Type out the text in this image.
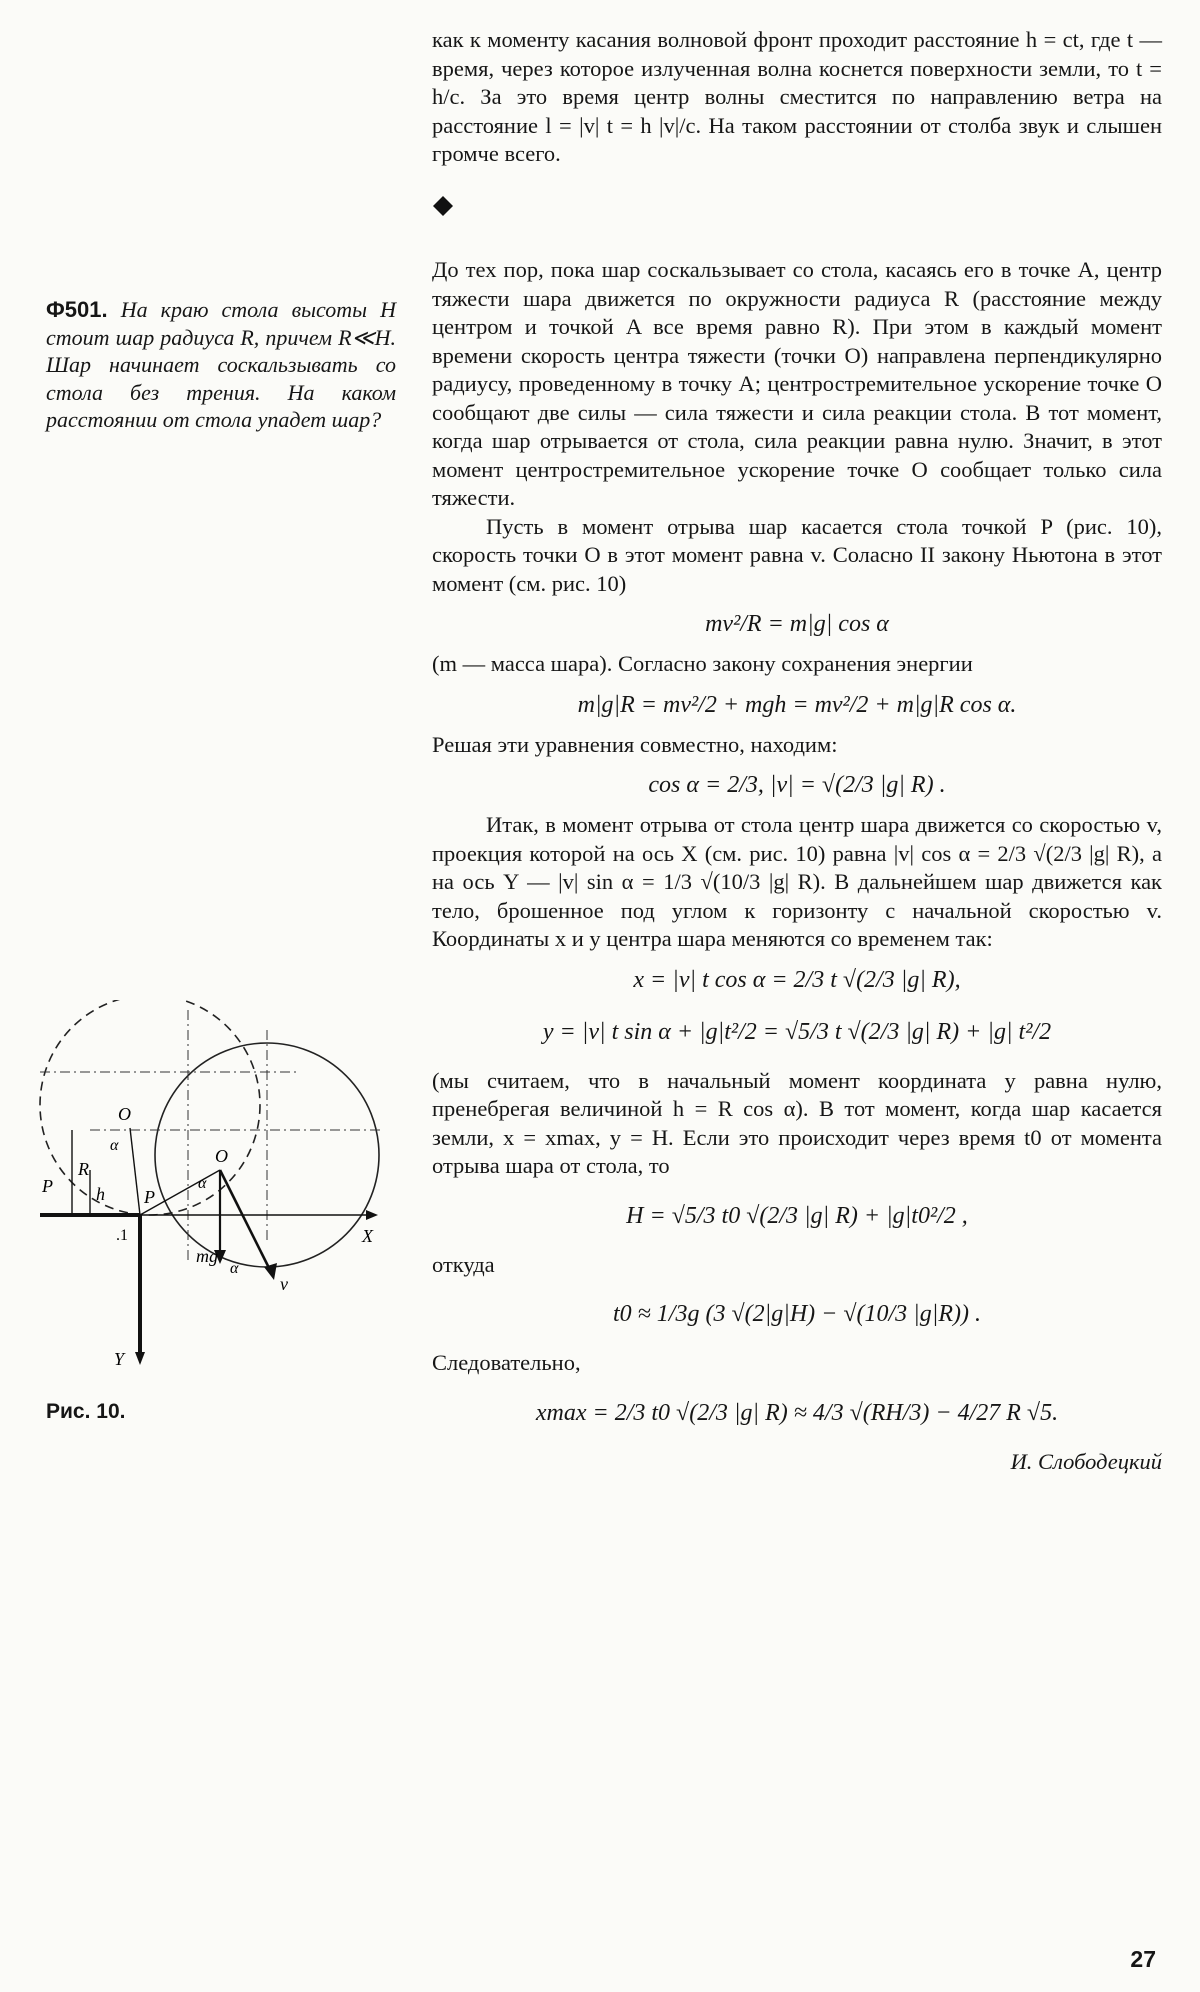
как к моменту касания волновой фронт проходит расстояние h = ct, где t — время, через которое излученная волна коснется поверхности земли, то t = h/c. За это время центр волны сместится по направлению ветра на расстояние l = |v| t = h |v|/c. На таком расстоянии от столба звук и слышен громче всего.

До тех пор, пока шар соскальзывает со стола, касаясь его в точке A, центр тяжести шара движется по окружности радиуса R (расстояние между центром и точкой A все время равно R). При этом в каждый момент времени скорость центра тяжести (точки O) направлена перпендикулярно радиусу, проведенному в точку A; центростремительное ускорение точке O сообщают две силы — сила тяжести и сила реакции стола. В тот момент, когда шар отрывается от стола, сила реакции равна нулю. Значит, в этот момент центростремительное ускорение точке O сообщает только сила тяжести.

Пусть в момент отрыва шар касается стола точкой P (рис. 10), скорость точки O в этот момент равна v. Соласно II закону Ньютона в этот момент (см. рис. 10)

mv²/R = m|g| cos α

(m — масса шара). Согласно закону сохранения энергии

m|g|R = mv²/2 + mgh = mv²/2 + m|g|R cos α.

Решая эти уравнения совместно, находим:

cos α = 2/3, |v| = √(2/3 |g| R) .

Итак, в момент отрыва от стола центр шара движется со скоростью v, проекция которой на ось X (см. рис. 10) равна |v| cos α = 2/3 √(2/3 |g| R), а на ось Y — |v| sin α = 1/3 √(10/3 |g| R). В дальнейшем шар движется как тело, брошенное под углом к горизонту с начальной скоростью v. Координаты x и y центра шара меняются со временем так:

x = |v| t cos α = 2/3 t √(2/3 |g| R),
y = |v| t sin α + |g|t²/2 = √5/3 t √(2/3 |g| R) + |g| t²/2

(мы считаем, что в начальный момент координата y равна нулю, пренебрегая величиной h = R cos α). В тот момент, когда шар касается земли, x = xmax, y = H. Если это происходит через время t0 от момента отрыва шара от стола, то

H = √5/3 t0 √(2/3 |g| R) + |g|t0²/2 ,

откуда

t0 ≈ 1/3g (3 √(2|g|H) − √(10/3 |g|R)) .

Следовательно,

xmax = 2/3 t0 √(2/3 |g| R) ≈ 4/3 √(RH/3) − 4/27 R √5.
И. Слободецкий
Ф501. На краю стола высоты H стоит шар радиуса R, причем R≪H. Шар начинает соскальзывать со стола без трения. На каком расстоянии от стола упадет шар?
O
O
α
α
α
P
P
R
h
.1	X
Y
mg
v
Рис. 10.
27
